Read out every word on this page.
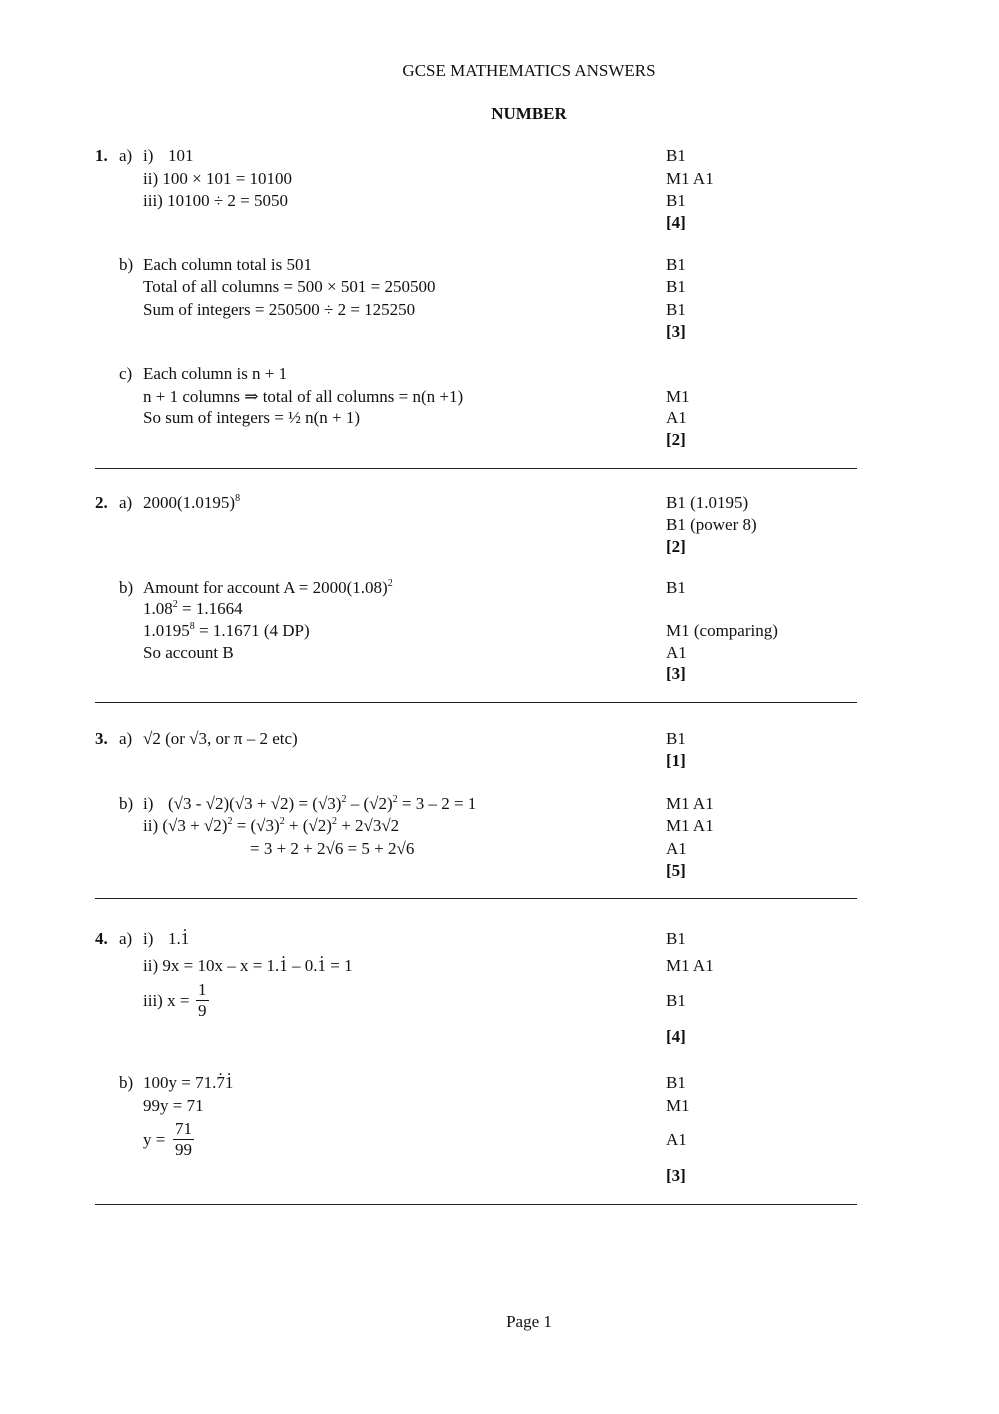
GCSE MATHEMATICS ANSWERS
NUMBER
1. a) i) 101
ii) 100 × 101 = 10100
iii) 10100 ÷ 2 = 5050
B1
M1 A1
B1
[4]
b) Each column total is 501
Total of all columns = 500 × 501 = 250500
Sum of integers = 250500 ÷ 2 = 125250
B1
B1
B1
[3]
c) Each column is n + 1
n + 1 columns ⇒ total of all columns = n(n +1)
So sum of integers = ½ n(n + 1)
M1
A1
[2]
2. a) $2000(1.0195)^8$	B1 (1.0195)
B1 (power 8)
[2]
b) Amount for account $A = 2000(1.08)^2$
$1.08^2 = 1.1664$
$1.0195^8 = 1.1671$ (4 DP)
So account B
B1
M1 (comparing)
A1
[3]
3. a) √2 (or √3, or π – 2 etc)	B1
[1]
b) i) $(√3 - √2)(√3 + √2) = (√3)^2 - (√2)^2 = 3 - 2 = 1$
ii) $(√3 + √2)^2 = (√3)^2 + (√2)^2 + 2√3√2$
= 3 + 2 + 2√6 = 5 + 2√6
M1 A1
M1 A1
A1
[5]
4. a) i) 1.1 .
ii) 9x = 10x – x = 1.1 . – 0.1 . = 1
iii) $x = \frac{1}{9}$
B1
M1 A1
B1
[4]
b) 100y = 71.7 .1 .
99y = 71
$y = \frac{71}{99}$
B1
M1
A1
[3]
Page 1
